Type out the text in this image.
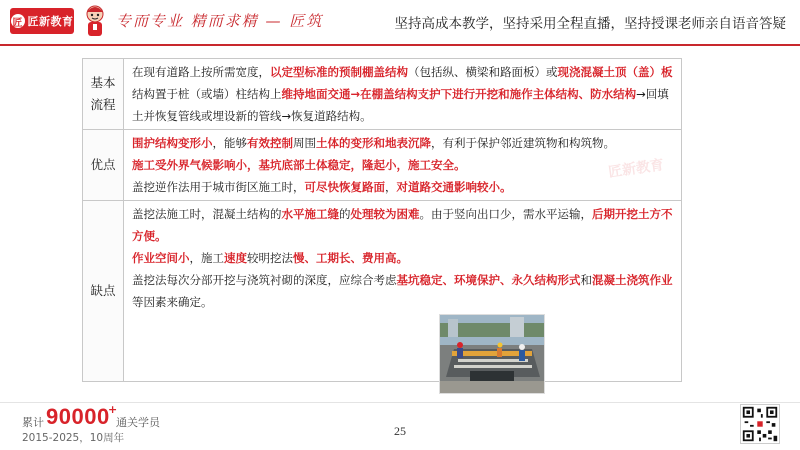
匠 匠新教育	专而专业 精而求精 — 匠筑	坚持高成本教学，坚持采用全程直播，坚持授课老师亲自语音答疑
基本流程	在现有道路上按所需宽度，以定型标准的预制棚盖结构（包括纵、横梁和路面板）或现浇混凝土顶（盖）板结构置于桩（或墙）柱结构上维持地面交通→在棚盖结构支护下进行开挖和施作主体结构、防水结构→回填土并恢复管线或埋设新的管线→恢复道路结构。

优点	围护结构变形小，能够有效控制周围土体的变形和地表沉降，有利于保护邻近建筑物和构筑物。
施工受外界气候影响小，基坑底部土体稳定，隆起小，施工安全。
盖挖逆作法用于城市街区施工时，可尽快恢复路面，对道路交通影响较小。

缺点	盖挖法施工时，混凝土结构的水平施工缝的处理较为困难。由于竖向出口少，需水平运输，后期开挖土方不方便。
作业空间小，施工速度较明挖法慢、工期长、费用高。
盖挖法每次分部开挖与浇筑衬砌的深度，应综合考虑基坑稳定、环境保护、永久结构形式和混凝土浇筑作业等因素来确定。
匠新教育
累计 90000
+
通关学员
2015-2025，10周年	25
